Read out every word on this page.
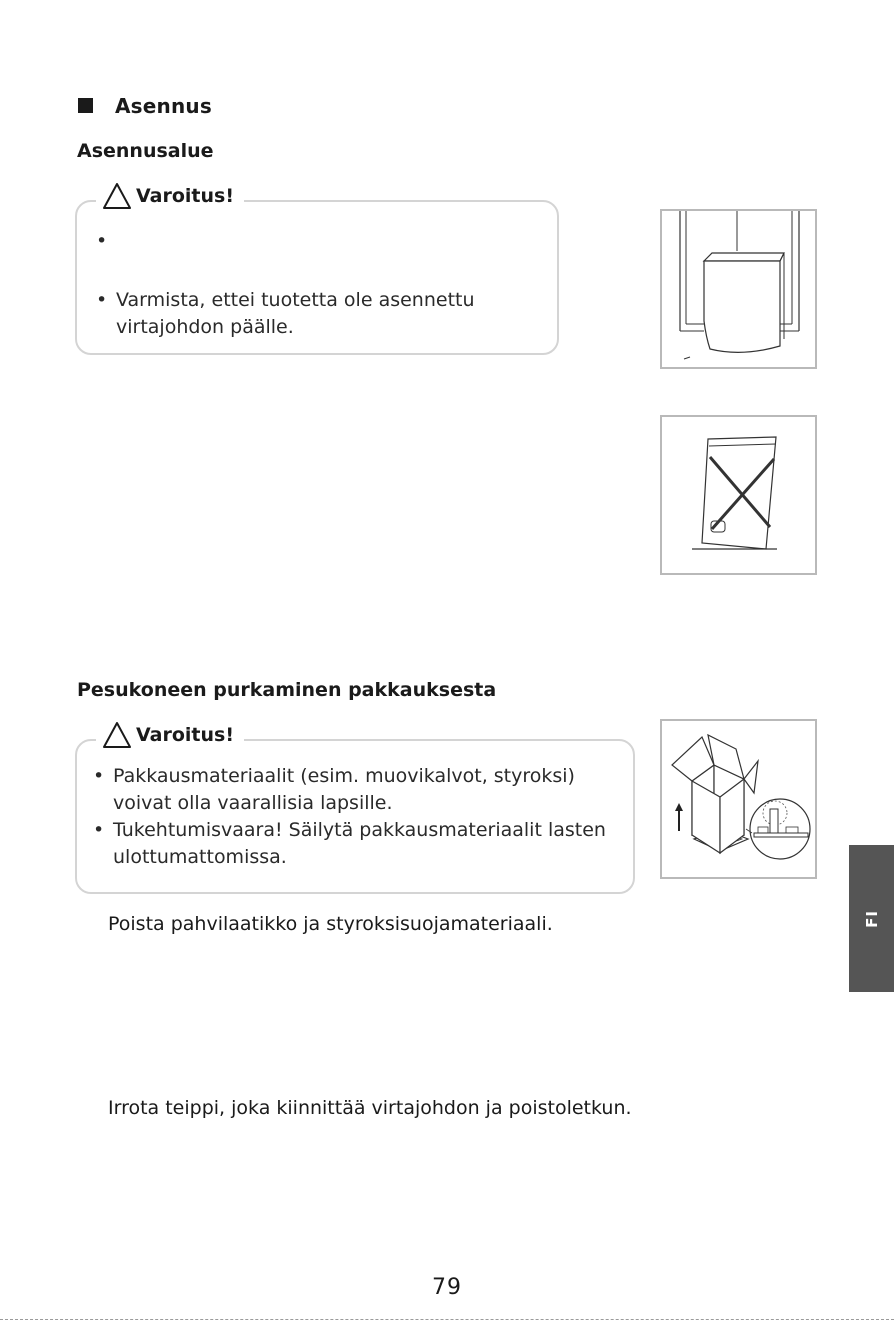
Asennus
Asennusalue
Varoitus!
•
• Varmista, ettei tuotetta ole asennettu virtajohdon päälle.
Pesukoneen purkaminen pakkauksesta
Varoitus!
• Pakkausmateriaalit (esim. muovikalvot, styroksi) voivat olla vaarallisia lapsille.
• Tukehtumisvaara! Säilytä pakkausmateriaalit lasten ulottumattomissa.
Poista pahvilaatikko ja styroksisuojamateriaali.
Irrota teippi, joka kiinnittää virtajohdon ja poistoletkun.
FI
79
